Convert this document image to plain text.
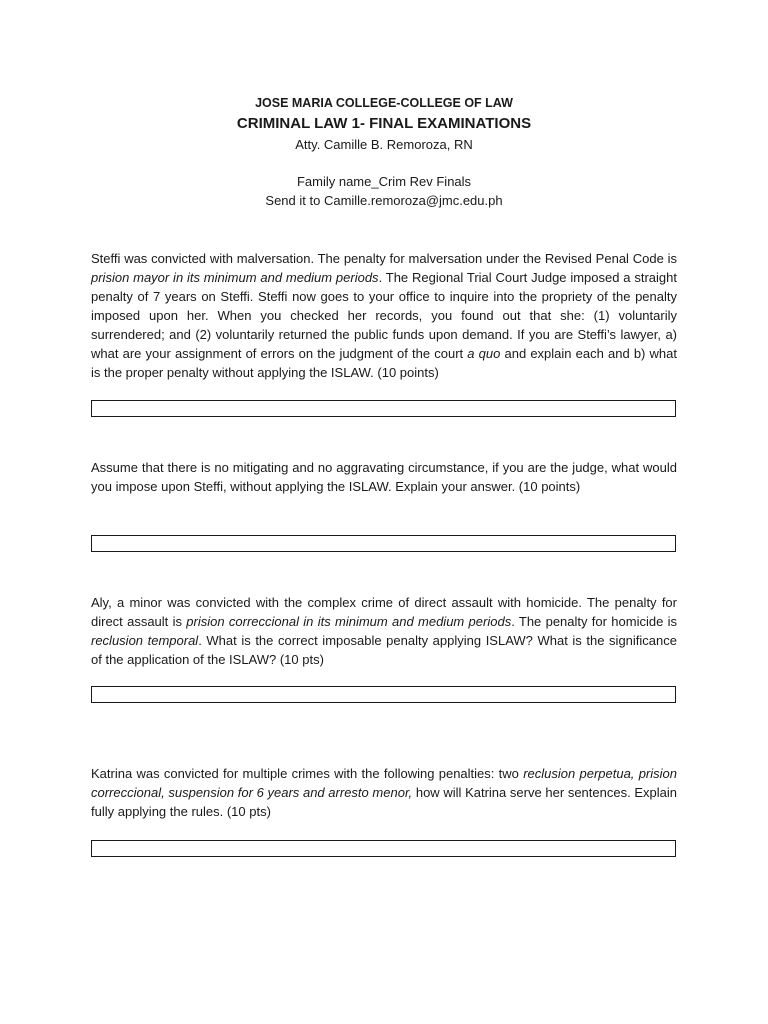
JOSE MARIA COLLEGE-COLLEGE OF LAW
CRIMINAL LAW 1- FINAL EXAMINATIONS
Atty. Camille B. Remoroza, RN
Family name_Crim Rev Finals
Send it to Camille.remoroza@jmc.edu.ph

Steffi was convicted with malversation. The penalty for malversation under the Revised Penal Code is prision mayor in its minimum and medium periods. The Regional Trial Court Judge imposed a straight penalty of 7 years on Steffi. Steffi now goes to your office to inquire into the propriety of the penalty imposed upon her. When you checked her records, you found out that she: (1) voluntarily surrendered; and (2) voluntarily returned the public funds upon demand. If you are Steffi’s lawyer, a) what are your assignment of errors on the judgment of the court a quo and explain each and b) what is the proper penalty without applying the ISLAW. (10 points)

Assume that there is no mitigating and no aggravating circumstance, if you are the judge, what would you impose upon Steffi, without applying the ISLAW. Explain your answer. (10 points)

Aly, a minor was convicted with the complex crime of direct assault with homicide. The penalty for direct assault is prision correccional in its minimum and medium periods. The penalty for homicide is reclusion temporal. What is the correct imposable penalty applying ISLAW? What is the significance of the application of the ISLAW? (10 pts)

Katrina was convicted for multiple crimes with the following penalties: two reclusion perpetua, prision correccional, suspension for 6 years and arresto menor, how will Katrina serve her sentences. Explain fully applying the rules. (10 pts)
